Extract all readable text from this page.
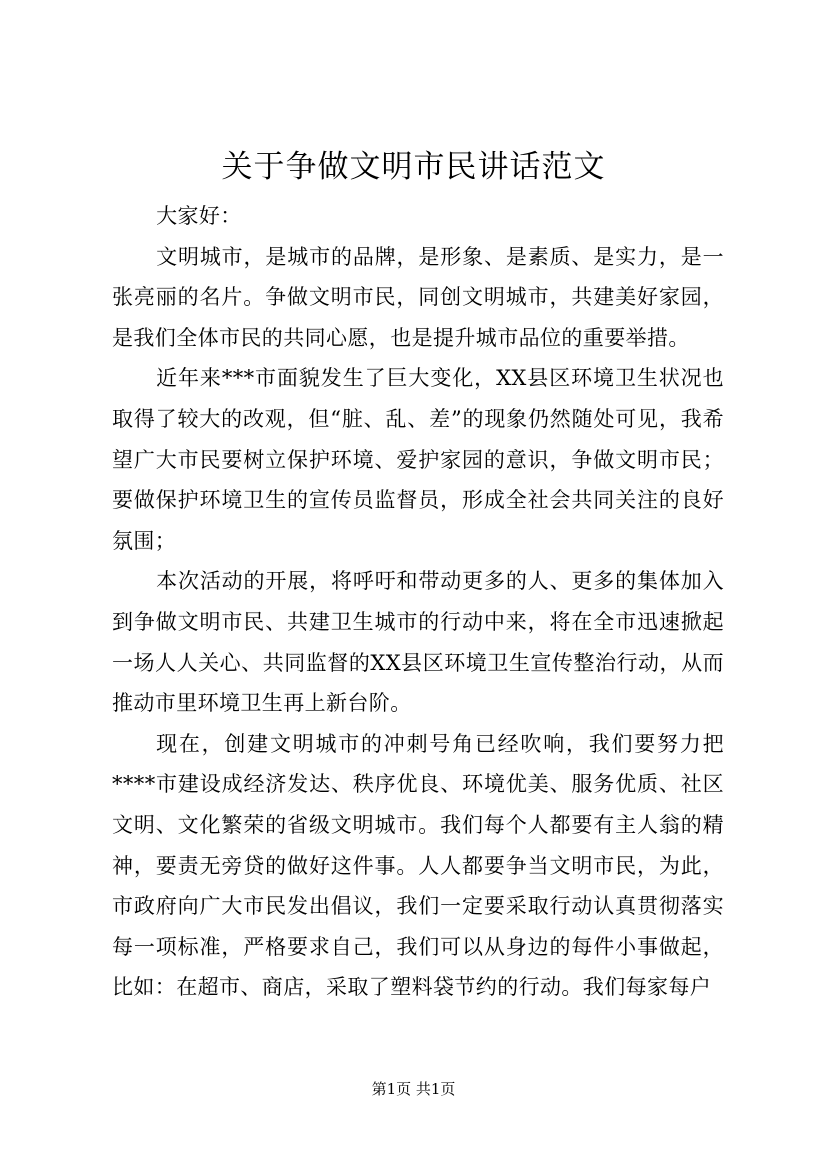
关于争做文明市民讲话范文

大家好：

文明城市，是城市的品牌，是形象、是素质、是实力，是一张亮丽的名片。争做文明市民，同创文明城市，共建美好家园，是我们全体市民的共同心愿，也是提升城市品位的重要举措。

近年来***市面貌发生了巨大变化，XX县区环境卫生状况也取得了较大的改观，但“脏、乱、差”的现象仍然随处可见，我希望广大市民要树立保护环境、爱护家园的意识，争做文明市民；要做保护环境卫生的宣传员监督员，形成全社会共同关注的良好氛围；

本次活动的开展，将呼吁和带动更多的人、更多的集体加入到争做文明市民、共建卫生城市的行动中来，将在全市迅速掀起一场人人关心、共同监督的XX县区环境卫生宣传整治行动，从而推动市里环境卫生再上新台阶。

现在，创建文明城市的冲刺号角已经吹响，我们要努力把****市建设成经济发达、秩序优良、环境优美、服务优质、社区文明、文化繁荣的省级文明城市。我们每个人都要有主人翁的精神，要责无旁贷的做好这件事。人人都要争当文明市民，为此，市政府向广大市民发出倡议，我们一定要采取行动认真贯彻落实每一项标准，严格要求自己，我们可以从身边的每件小事做起，比如：在超市、商店，采取了塑料袋节约的行动。我们每家每户

第1页 共1页
